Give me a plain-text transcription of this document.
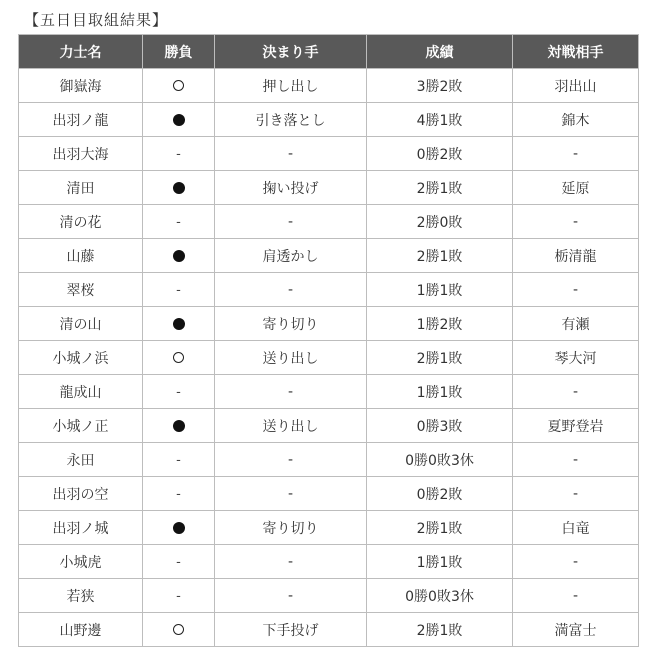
【五日目取組結果】
力士名	勝負	決まり手	成績	対戦相手
御嶽海		押し出し	3勝2敗	羽出山
出羽ノ龍		引き落とし	4勝1敗	錦木
出羽大海	-	-	0勝2敗	-
清田		掬い投げ	2勝1敗	延原
清の花	-	-	2勝0敗	-
山藤		肩透かし	2勝1敗	栃清龍
翠桜	-	-	1勝1敗	-
清の山		寄り切り	1勝2敗	有瀬
小城ノ浜		送り出し	2勝1敗	琴大河
龍成山	-	-	1勝1敗	-
小城ノ正		送り出し	0勝3敗	夏野登岩
永田	-	-	0勝0敗3休	-
出羽の空	-	-	0勝2敗	-
出羽ノ城		寄り切り	2勝1敗	白竜
小城虎	-	-	1勝1敗	-
若狭	-	-	0勝0敗3休	-
山野邊		下手投げ	2勝1敗	満富士
